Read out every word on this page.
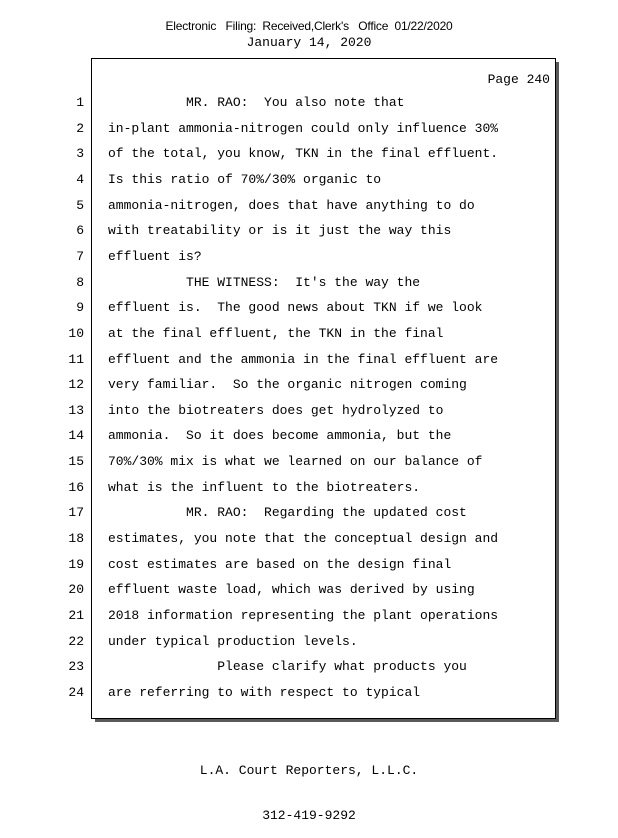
Electronic   Filing:  Received,Clerk's   Office  01/22/2020
January 14, 2020
Page 240
1 MR. RAO:  You also note that
2 in-plant ammonia-nitrogen could only influence 30%
3 of the total, you know, TKN in the final effluent.
4 Is this ratio of 70%/30% organic to
5 ammonia-nitrogen, does that have anything to do
6 with treatability or is it just the way this
7 effluent is?
8 THE WITNESS:  It's the way the
9 effluent is.  The good news about TKN if we look
10 at the final effluent, the TKN in the final
11 effluent and the ammonia in the final effluent are
12 very familiar.  So the organic nitrogen coming
13 into the biotreaters does get hydrolyzed to
14 ammonia.  So it does become ammonia, but the
15 70%/30% mix is what we learned on our balance of
16 what is the influent to the biotreaters.
17 MR. RAO:  Regarding the updated cost
18 estimates, you note that the conceptual design and
19 cost estimates are based on the design final
20 effluent waste load, which was derived by using
21 2018 information representing the plant operations
22 under typical production levels.
23 Please clarify what products you
24 are referring to with respect to typical

L.A. Court Reporters, L.L.C.

312-419-9292
